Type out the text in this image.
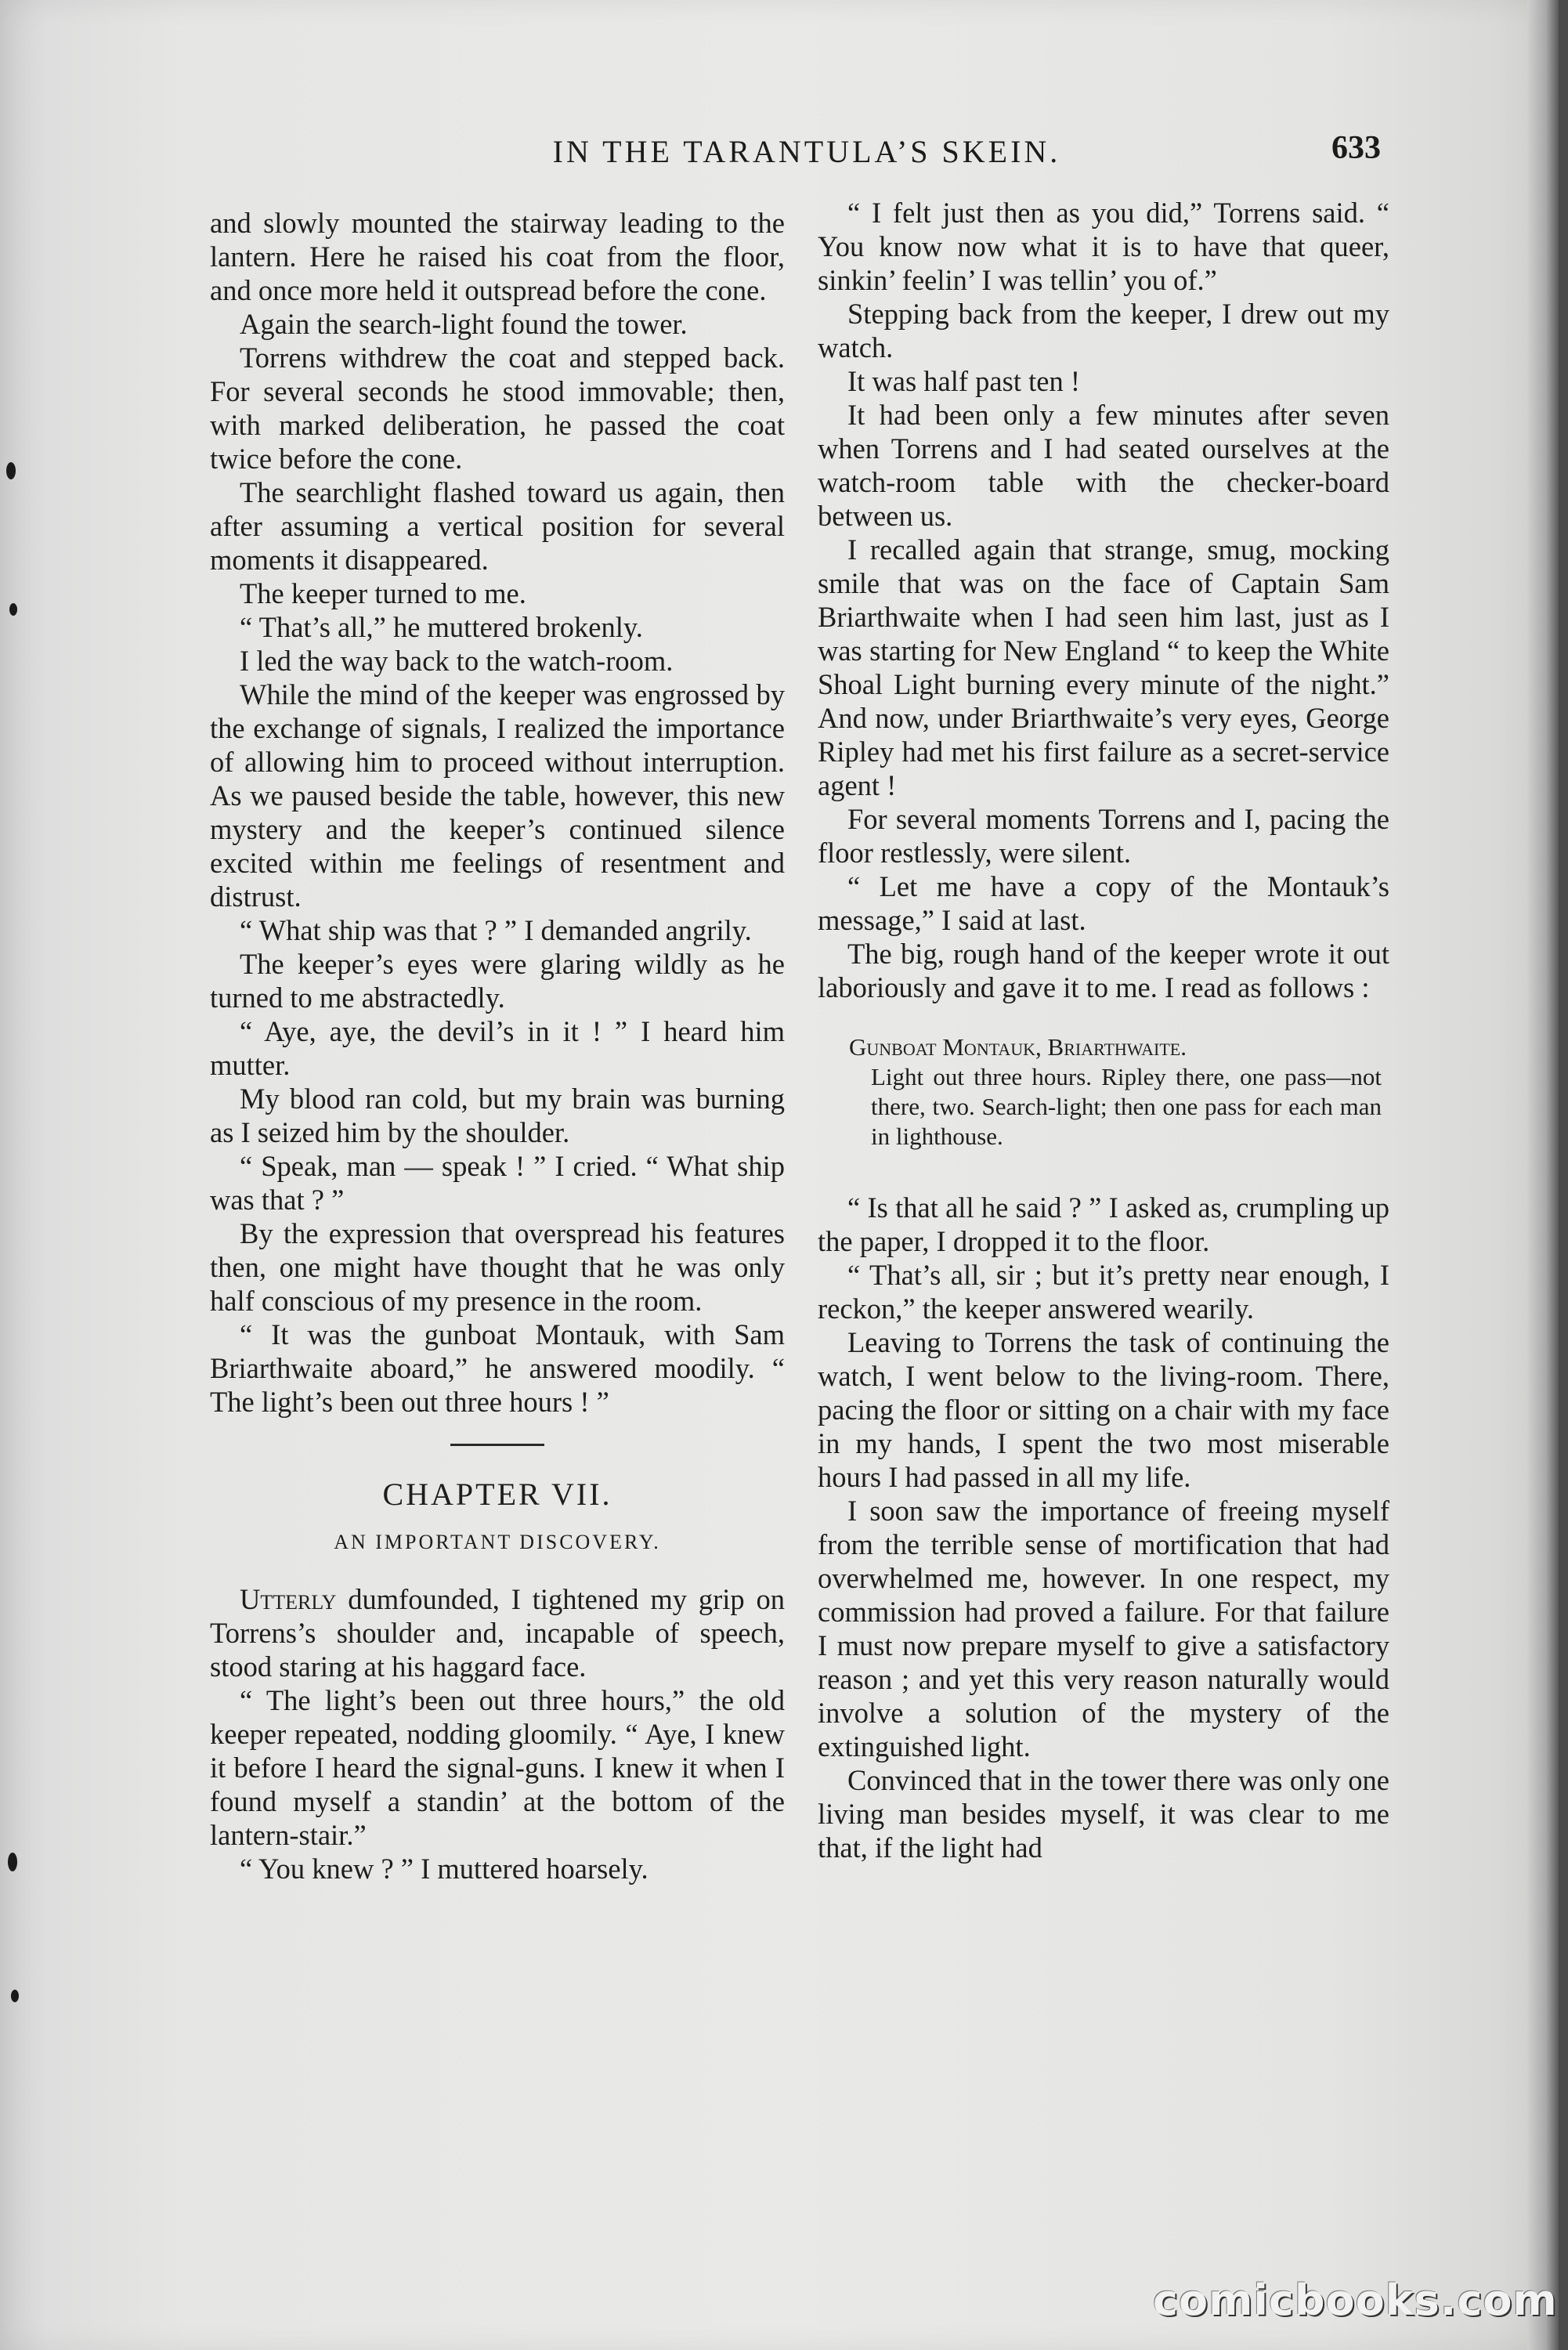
IN THE TARANTULA’S SKEIN.	633

and slowly mounted the stairway leading to the lantern. Here he raised his coat from the floor, and once more held it outspread before the cone.

Again the search-light found the tower.

Torrens withdrew the coat and stepped back. For several seconds he stood immovable; then, with marked deliberation, he passed the coat twice before the cone.

The searchlight flashed toward us again, then after assuming a vertical position for several moments it disappeared.

The keeper turned to me.

“ That’s all,” he muttered brokenly.

I led the way back to the watch-room.

While the mind of the keeper was engrossed by the exchange of signals, I realized the importance of allowing him to proceed without interruption. As we paused beside the table, however, this new mystery and the keeper’s continued silence excited within me feelings of resentment and distrust.

“ What ship was that ? ” I demanded angrily.

The keeper’s eyes were glaring wildly as he turned to me abstractedly.

“ Aye, aye, the devil’s in it ! ” I heard him mutter.

My blood ran cold, but my brain was burning as I seized him by the shoulder.

“ Speak, man — speak ! ” I cried. “ What ship was that ? ”

By the expression that overspread his features then, one might have thought that he was only half conscious of my presence in the room.

“ It was the gunboat Montauk, with Sam Briarthwaite aboard,” he answered moodily. “ The light’s been out three hours ! ”

CHAPTER VII.

AN IMPORTANT DISCOVERY.

Utterly dumfounded, I tightened my grip on Torrens’s shoulder and, incapable of speech, stood staring at his haggard face.

“ The light’s been out three hours,” the old keeper repeated, nodding gloomily. “ Aye, I knew it before I heard the signal-guns. I knew it when I found myself a standin’ at the bottom of the lantern-stair.”

“ You knew ? ” I muttered hoarsely.

“ I felt just then as you did,” Torrens said. “ You know now what it is to have that queer, sinkin’ feelin’ I was tellin’ you of.”

Stepping back from the keeper, I drew out my watch.

It was half past ten !

It had been only a few minutes after seven when Torrens and I had seated ourselves at the watch-room table with the checker-board between us.

I recalled again that strange, smug, mocking smile that was on the face of Captain Sam Briarthwaite when I had seen him last, just as I was starting for New England “ to keep the White Shoal Light burning every minute of the night.” And now, under Briarthwaite’s very eyes, George Ripley had met his first failure as a secret-service agent !

For several moments Torrens and I, pacing the floor restlessly, were silent.

“ Let me have a copy of the Montauk’s message,” I said at last.

The big, rough hand of the keeper wrote it out laboriously and gave it to me. I read as follows :

Gunboat Montauk, Briarthwaite.

Light out three hours. Ripley there, one pass—not there, two. Search-light; then one pass for each man in lighthouse.

“ Is that all he said ? ” I asked as, crumpling up the paper, I dropped it to the floor.

“ That’s all, sir ; but it’s pretty near enough, I reckon,” the keeper answered wearily.

Leaving to Torrens the task of continuing the watch, I went below to the living-room. There, pacing the floor or sitting on a chair with my face in my hands, I spent the two most miserable hours I had passed in all my life.

I soon saw the importance of freeing myself from the terrible sense of mortification that had overwhelmed me, however. In one respect, my commission had proved a failure. For that failure I must now prepare myself to give a satisfactory reason ; and yet this very reason naturally would involve a solution of the mystery of the extinguished light.

Convinced that in the tower there was only one living man besides myself, it was clear to me that, if the light had

comicbooks.com
